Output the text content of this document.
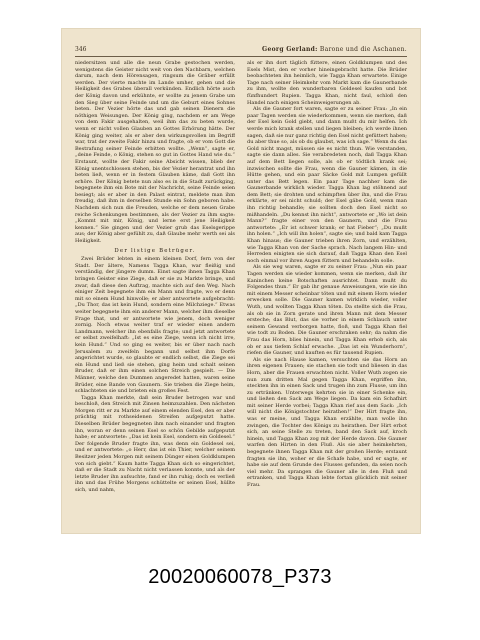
346	Georg Gerland: Barone und die Aschanen.

niedersitzen und alle die neun Grabe gestochen werden, wenigstens die Geister nicht weit von den Nachbarn, welchen darum, nach dem Hörensagen, ringsum die Gräber erfüllt werden. Der vierte machte im Lande umher, gehen und die Heiligkeit des Grabes überall verkünden. Endlich hörte auch der König davon und erkühnte, er wollte zu jenem Grabe um den Sieg über seine Feinde und um die Geburt eines Sohnes beten. Der Vezier hörte das und gab seinen Dienern die nöthigen Weisungen. Der König ging, nachdem er am Wege von dem Fakir ausgehalten, weil ihm das zu beten wurde, wenn er nicht vollen Glauben an Gottes Erhörung hätte. Der König ging weiter, als er aber den wirkungsvollen im Begriff war, trat der zweite Fakir hinzu und fragte, ob er vom Gott die Bestrafung seiner Feinde erbitten wollte. „Wenn“, sagte er, „deine Feinde, o König, stehen so gut in Gottes Hand wie du.“ Erstaunt, wollte der Fakir seine Absicht wissen, blieb der König unentschlossen stehen, bis der Vezier herantrat und ihn beten ließ, wenn er in festem Glauben käme, daß Gott ihn erhöre. Der König betete nun also es in die Stadt zurückging, begegnete ihm ein Bote mit der Nachricht, seine Feinde seien besiegt; als er aber in den Palast eintrat, meldete man ihm freudig, daß ihm in derselben Stunde ein Sohn geboren habe. Nachdem sich nun die Freuden, welche er dem neuen Grabe reiche Schenkungen bestimmen, als der Vezier zu ihm sagte: „Kommt mit mir, König, und lerne erst jene Heiligkeit kennen.“ Sie gingen und der Vezier grub das Eselsgerippe aus; der König aber gefühlt zu, daß Glaube mehr werth sei als Heiligkeit.

Der listige Betrüger.

Zwei Brüder lebten in einem kleinen Dorf, fern von der Stadt. Der ältere, Namens Tagga Khan, war fleißig und verständig, der jüngere dumm. Einst sagte ihnen Tagga Khan bringen Geister eine Ziege, daß er sie zu Markte bringe, und zwar, daß diese den Auftrag, machte sich auf den Weg. Nach einiger Zeit begegnete ihm ein Mann und fragte, wo er denn mit so einem Hund hinwolle; er aber antwortete aufgebracht: „Du Thor, das ist kein Hund, sondern eine Milchziege.“ Etwas weiter begegnete ihm ein anderer Mann, welcher ihm dieselbe Frage that, und er antwortete wie jenem, doch weniger zornig. Noch etwas weiter traf er wieder einen andern Landmann, welcher ihn ebenfalls fragte; und jetzt antwortete er selbst zweifelhaft: „Ist es eine Ziege, wenn ich nicht irre, kein Hund.“ Und so ging es weiter, bis er über nach nach Jerusalem zu zweifeln begann und selbst ihm Dorfe angerichtet wurde, so glaubte er endlich selbst, die Ziege sei ein Hund und ließ sie stehen, ging heim und schalt seinen Bruder, daß er ihm einen solchen Streich gespielt. — Die Männer, welche den Dummen angeredet hatten, waren seine Brüder, eine Bande von Gaunern. Sie trieben die Ziege heim, schlachteten sie und brieten ein großes Fest.

Tagga Khan merkte, daß sein Bruder betrogen war und beschloß, den Streich mit Zinsen heimzuzahlen. Den nächsten Morgen ritt er zu Markte auf einem elenden Esel, den er aber prächtig mit rothseidenen Streifen aufgeputzt hatte. Dieselben Brüder begegneten ihm nach einander und fragten ihn, woran er denn seinen Esel so schön Gebilde aufgeputzt habe; er antwortete: „Das ist kein Esel, sondern ein Goldesel.“ Der folgende Bruder fragte ihn, was denn ein Goldesel sei, und er antwortete: „o Herr, das ist ein Thier, welcher seinem Besitzer jeden Morgen mit seinem Dünger einen Goldklumpen von sich giebt.“ Kaum hatte Tagga Khan sich so eingerichtet, daß er die Stadt zu Nacht nicht verlassen konnte, und als der letzte Bruder ihn aufsuchte, fand er ihn ruhig; doch es verließ ihn und das Frühe Morgens schüttelte er seinen Esel, hüllte sich, und nahm,

als er ihn dort täglich füttere, einen Goldklumpen und des Esels Mist, den er vorher hineingebracht hatte. Die Brüder beobachteten ihn heimlich, wie Tagga Khan erwartete. Einige Tage nach seiner Heimkehr vom Markt kam die Gaunerbande zu ihm, wollte den wunderbaren Goldesel kaufen und bot fünfhundert Rupien. Tagga Khan, nicht faul, schloß den Handel nach einigen Scheinweigerungen ab.

Als die Gauner fort waren, sagte er zu seiner Frau: „In ein paar Tagen werden sie wiederkommen, wenn sie merken, daß der Esel kein Gold giebt, und dann mußt du mir helfen. Ich werde mich krank stellen und liegen bleiben; ich werde ihnen sagen, daß sie nur ganz richtig den Esel nicht gefüttert haben; du aber thue so, als ob du glaubst, was ich sage.“ Wenn du das Gold nicht magst, müssen sie es nicht thun. Wie verstanden, sagte sie dann alles. Sie verabredeten noch, daß Tagga Khan auf dem Bett liegen solle, als ob er tödtlich krank sei; inzwischen sollte die Frau, wenn die Gauner kämen, in die Hütte gehen, und ein paar Säcke Gold mit Lumpen gefüllt unter das Bett legen. Ein paar Tage nachher kam die Gaunerbande wirklich wieder. Tagga Khan lag stöhnend auf dem Bett; sie drohten und schimpften über ihn, und die Frau erklärte, er sei nicht schuld; der Esel gäbe Gold, wenn man ihn richtig behandle; sie sollten doch den Esel nicht so mißhandeln. „Du kennst ihn nicht“, antwortete er „Wo ist dein Mann?“ fragte einer von den Gaunern, und die Frau antwortete: „Er ist schwer krank; er hat Fieber“; „Du mußt ihn holen.“ „Ich will ihn holen“, sagte sie; und bald kam Tagga Khan hinaus; die Gauner trieben ihren Zorn, und erzählten, wie Tagga Khan von der Sache sprach. Nach langem Hin- und Herreden einigten sie sich darauf, daß Tagga Khan den Esel noch einmal vor ihren Augen füttern und behandeln solle.

Als sie weg waren, sagte er zu seiner Frau: „Nun ein paar Tagen werden sie wieder kommen, wenn sie merken, daß ihr Kaninchen keine Botschaften ausrichtet. Dann mußt du Folgendes thun.“ Er gab ihr genaue Anweisungen, wie sie ihn mit einem Messer scheinbar töten und mit einem Horn wieder erwecken solle. Die Gauner kamen wirklich wieder, voller Wuth, und wollten Tagga Khan töten. Da stellte sich die Frau, als ob sie in Zorn gerate und ihren Mann mit dem Messer ersteche; das Blut, das sie vorher in einem Schlauch unter seinem Gewand verborgen hatte, floß, und Tagga Khan fiel wie todt zu Boden. Die Gauner erschraken sehr; da nahm die Frau das Horn, blies hinein, und Tagga Khan erhob sich, als ob er aus tiefem Schlaf erwache. „Das ist ein Wunderhorn“, riefen die Gauner, und kauften es für tausend Rupien.

Als sie nach Hause kamen, versuchten sie das Horn an ihren eigenen Frauen; sie stachen sie todt und bliesen in das Horn, aber die Frauen erwachten nicht. Voller Wuth zogen sie nun zum dritten Mal gegen Tagga Khan, ergriffen ihn, steckten ihn in einen Sack und trugen ihn zum Flusse, um ihn zu ertränken. Unterwegs kehrten sie in einer Schenke ein, und ließen den Sack am Wege liegen. Da kam ein Schafhirt mit seiner Herde vorbei; Tagga Khan rief aus dem Sack: „Ich will nicht die Königstochter heirathen!“ Der Hirt fragte ihn, was er meine, und Tagga Khan erzählte, man wolle ihn zwingen, die Tochter des Königs zu heirathen. Der Hirt erbot sich, an seine Stelle zu treten, band den Sack auf, kroch hinein, und Tagga Khan zog mit der Herde davon. Die Gauner warfen den Hirten in den Fluß. Als sie aber heimkehrten, begegnete ihnen Tagga Khan mit der großen Herde; erstaunt fragten sie ihn, woher er die Schafe habe, und er sagte, er habe sie auf dem Grunde des Flusses gefunden, da seien noch viel mehr. Da sprangen die Gauner alle in den Fluß und ertranken, und Tagga Khan lebte fortan glücklich mit seiner Frau.

20020060078_P373
